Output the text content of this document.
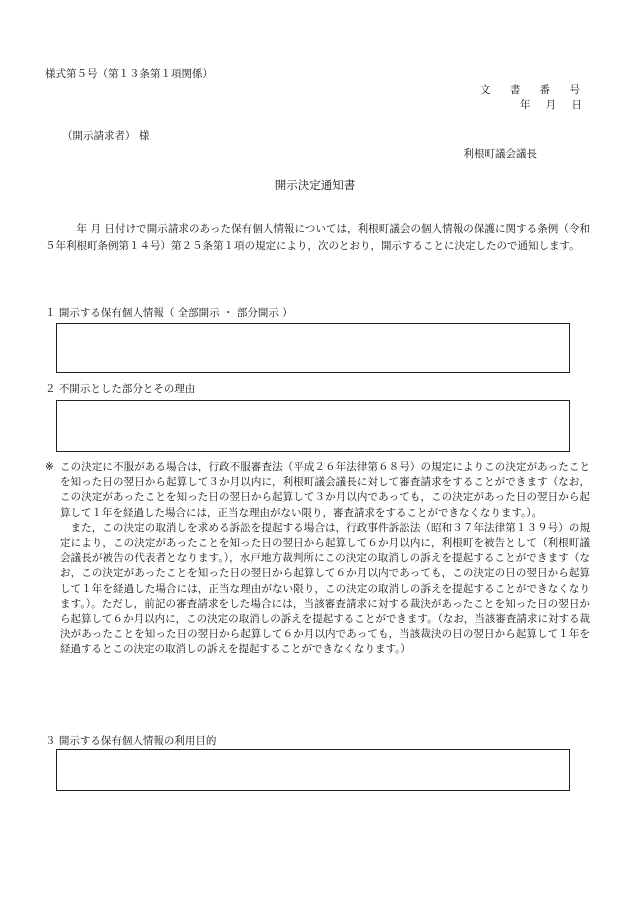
様式第５号（第１３条第１項関係）
文 書 番 号
年 月 日
（開示請求者） 様
利根町議会議長
開示決定通知書

年 月 日付けで開示請求のあった保有個人情報については，利根町議会の個人情報の保護に関する条例（令和５年利根町条例第１４号）第２５条第１項の規定により，次のとおり，開示することに決定したので通知します。

１ 開示する保有個人情報（ 全部開示 ・ 部分開示 ）
２ 不開示とした部分とその理由
※ この決定に不服がある場合は，行政不服審査法（平成２６年法律第６８号）の規定によりこの決定があったことを知った日の翌日から起算して３か月以内に，利根町議会議長に対して審査請求をすることができます（なお，この決定があったことを知った日の翌日から起算して３か月以内であっても，この決定があった日の翌日から起算して１年を経過した場合には，正当な理由がない限り，審査請求をすることができなくなります。）。

また，この決定の取消しを求める訴訟を提起する場合は，行政事件訴訟法（昭和３７年法律第１３９号）の規定により，この決定があったことを知った日の翌日から起算して６か月以内に，利根町を被告として（利根町議会議長が被告の代表者となります。），水戸地方裁判所にこの決定の取消しの訴えを提起することができます（なお，この決定があったことを知った日の翌日から起算して６か月以内であっても，この決定の日の翌日から起算して１年を経過した場合には，正当な理由がない限り，この決定の取消しの訴えを提起することができなくなります。）。ただし，前記の審査請求をした場合には，当該審査請求に対する裁決があったことを知った日の翌日から起算して６か月以内に，この決定の取消しの訴えを提起することができます。（なお，当該審査請求に対する裁決があったことを知った日の翌日から起算して６か月以内であっても，当該裁決の日の翌日から起算して１年を経過するとこの決定の取消しの訴えを提起することができなくなります。）

３ 開示する保有個人情報の利用目的
